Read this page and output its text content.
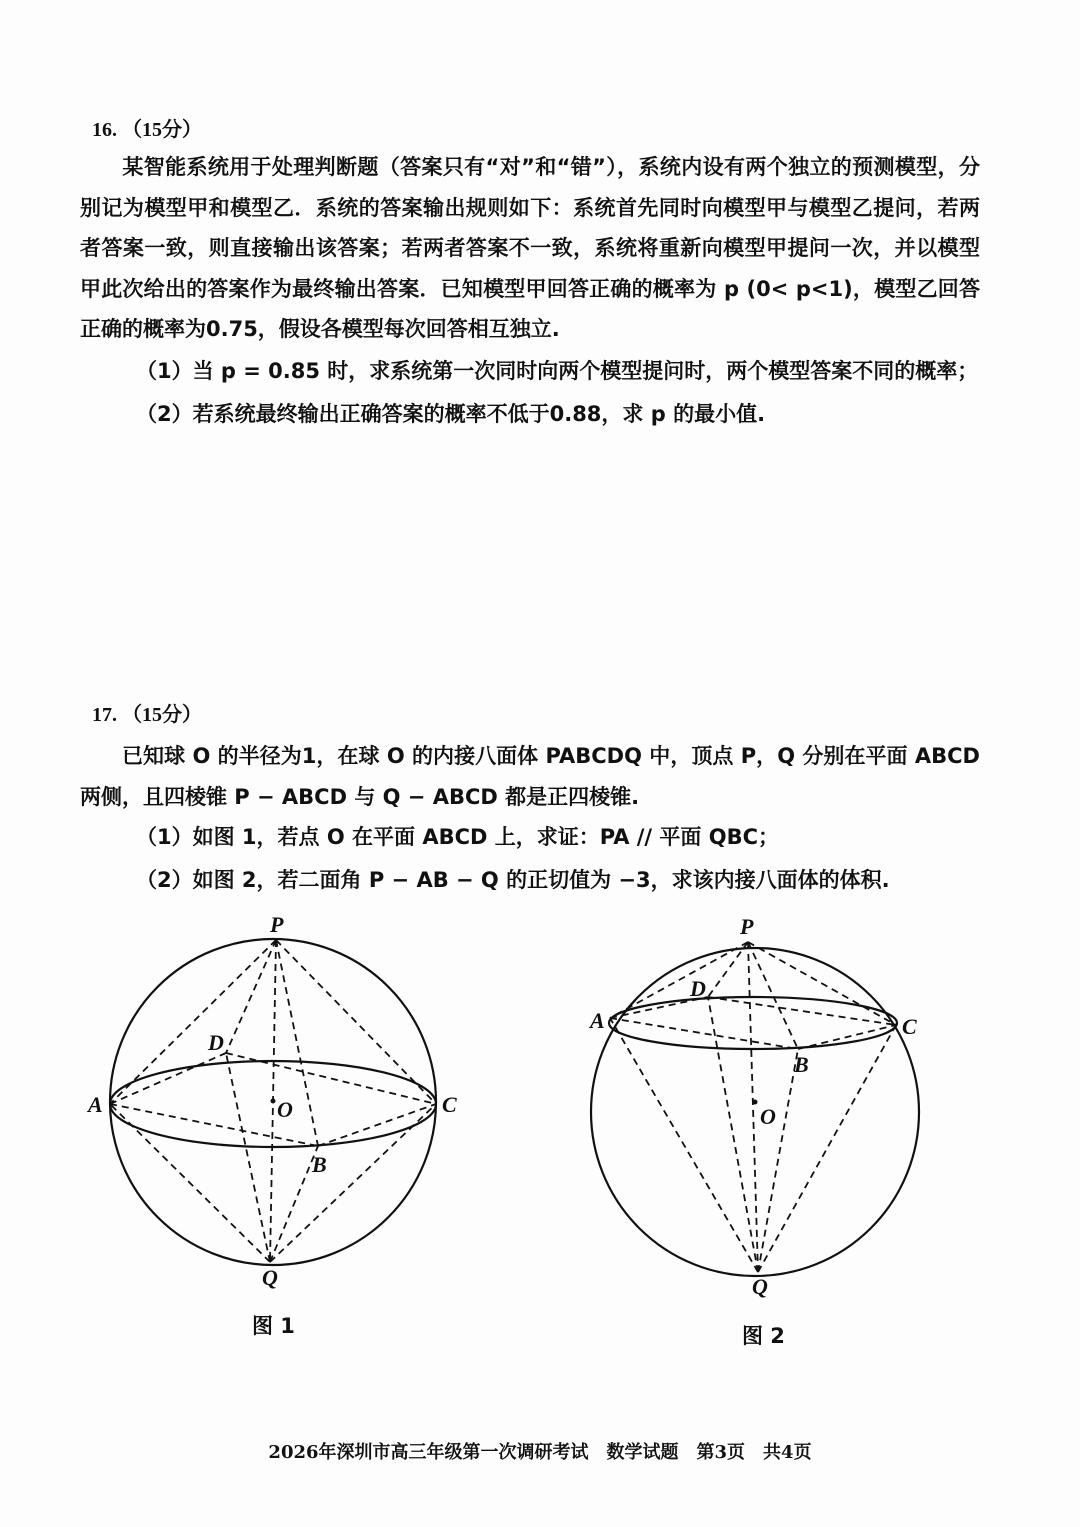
16. （15分）
某智能系统用于处理判断题（答案只有“对”和“错”），系统内设有两个独立的预测模型，分别记为模型甲和模型乙．系统的答案输出规则如下：系统首先同时向模型甲与模型乙提问，若两者答案一致，则直接输出该答案；若两者答案不一致，系统将重新向模型甲提问一次，并以模型甲此次给出的答案作为最终输出答案．已知模型甲回答正确的概率为 p (0< p<1)，模型乙回答正确的概率为0.75，假设各模型每次回答相互独立.
（1）当 p = 0.85 时，求系统第一次同时向两个模型提问时，两个模型答案不同的概率；
（2）若系统最终输出正确答案的概率不低于0.88，求 p 的最小值.
17. （15分）
已知球 O 的半径为1，在球 O 的内接八面体 PABCDQ 中，顶点 P，Q 分别在平面 ABCD 两侧，且四棱锥 P − ABCD 与 Q − ABCD 都是正四棱锥.
（1）如图 1，若点 O 在平面 ABCD 上，求证：PA // 平面 QBC；
（2）如图 2，若二面角 P − AB − Q 的正切值为 −3，求该内接八面体的体积.
P
A	C
D
B
O
Q
图 1
P
A	C
D
B
O
Q
图 2
2026年深圳市高三年级第一次调研考试　数学试题　第3页　共4页
